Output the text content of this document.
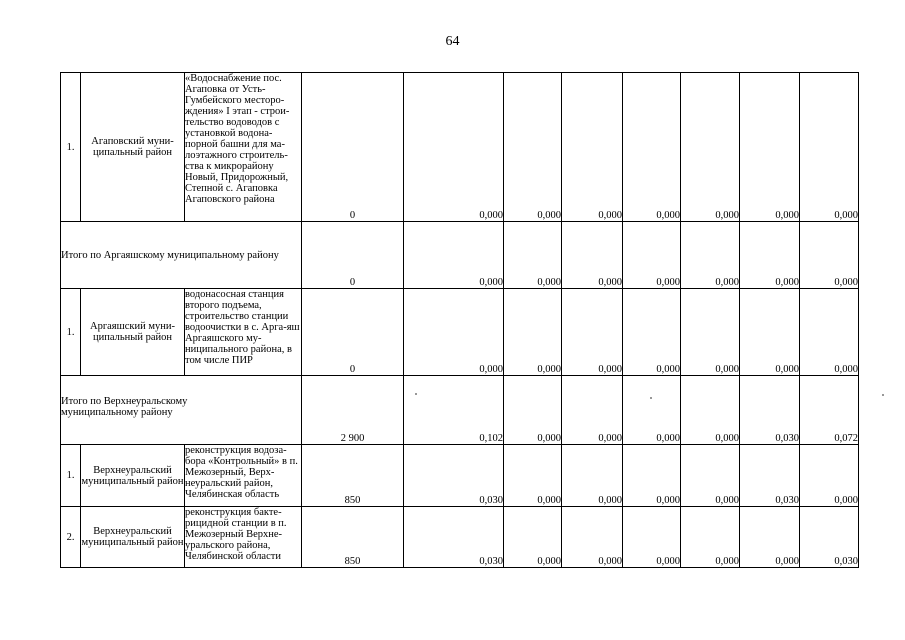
64
1.	Агаповский муни-ципальный район	«Водоснабжение пос. Агаповка от Усть-Гумбейского месторо-ждения» I этап - строи-тельство водоводов с установкой водона-порной башни для ма-лоэтажного строитель-ства к микрорайону Новый, Придорожный, Степной с. Агаповка Агаповского района	0	0,000	0,000	0,000	0,000	0,000	0,000	0,000
Итого по Аргаяшскому муниципальному району			0	0,000	0,000	0,000	0,000	0,000	0,000	0,000
1.	Аргаяшский муни-ципальный район	водонасосная станция второго подъема, строительство станции водоочистки в с. Арга-яш Аргаяшского му-ниципального района, в том числе ПИР	0	0,000	0,000	0,000	0,000	0,000	0,000	0,000
Итого по Верхнеуральскому муниципальному району			2 900	0,102	0,000	0,000	0,000	0,000	0,030	0,072
1.	Верхнеуральский муниципальный район	реконструкция водоза-бора «Контрольный» в п. Межозерный, Верх-неуральский район, Челябинская область	850	0,030	0,000	0,000	0,000	0,000	0,030	0,000
2.	Верхнеуральский муниципальный район	реконструкция бакте-рицидной станции в п. Межозерный Верхне-уральского района, Челябинской области	850	0,030	0,000	0,000	0,000	0,000	0,000	0,030
